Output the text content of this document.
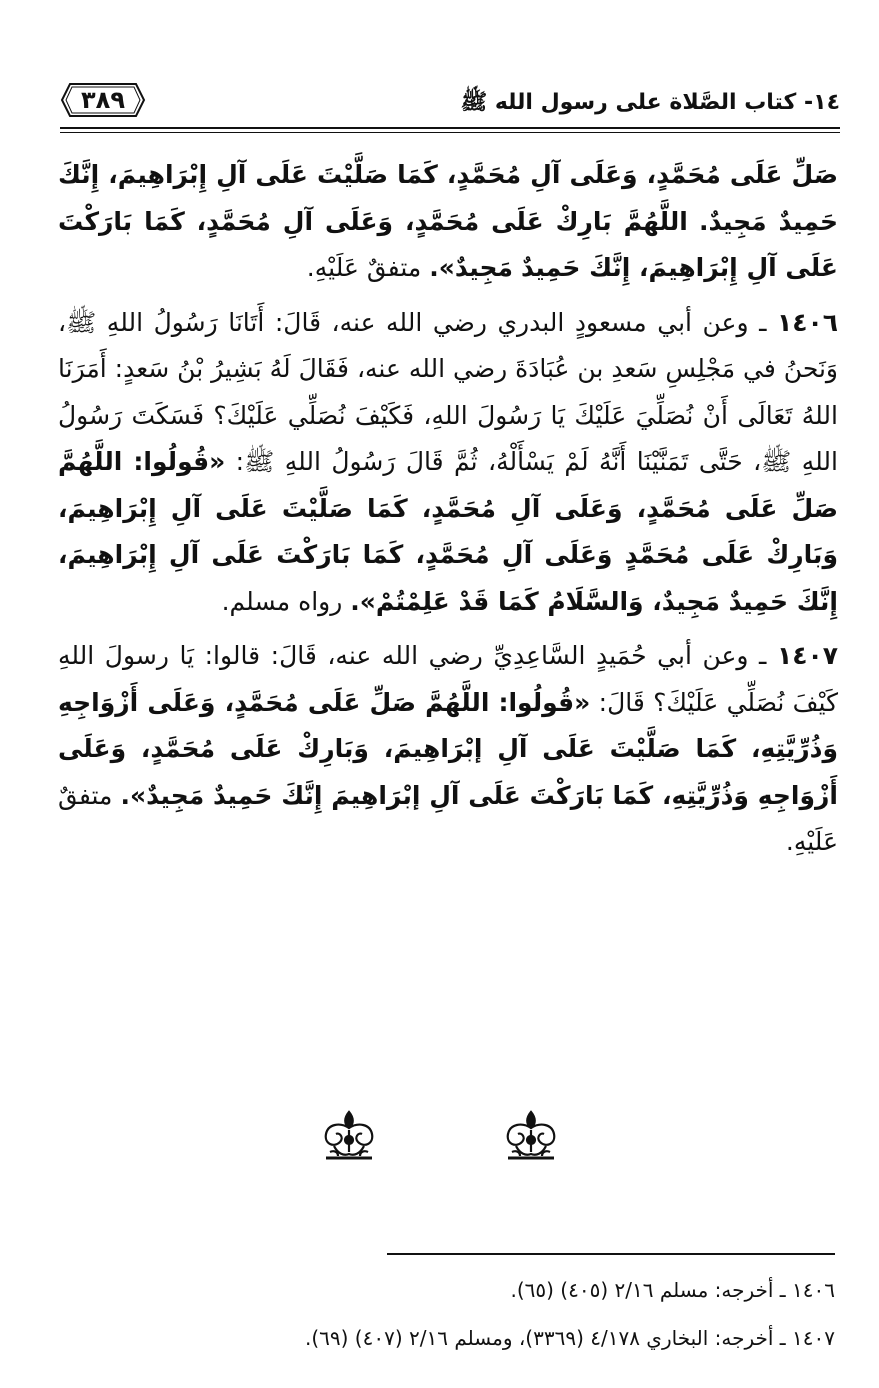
٣٨٩	١٤- كتاب الصَّلاة على رسول الله ﷺ

صَلِّ عَلَى مُحَمَّدٍ، وَعَلَى آلِ مُحَمَّدٍ، كَمَا صَلَّيْتَ عَلَى آلِ إِبْرَاهِيمَ، إِنَّكَ حَمِيدٌ مَجِيدٌ. اللَّهُمَّ بَارِكْ عَلَى مُحَمَّدٍ، وَعَلَى آلِ مُحَمَّدٍ، كَمَا بَارَكْتَ عَلَى آلِ إِبْرَاهِيمَ، إِنَّكَ حَمِيدٌ مَجِيدٌ». متفقٌ عَلَيْهِ.

١٤٠٦ ـ وعن أبي مسعودٍ البدري رضي الله عنه، قَالَ: أَتَانَا رَسُولُ اللهِ ﷺ، وَنَحنُ في مَجْلِسِ سَعدِ بن عُبَادَةَ رضي الله عنه، فَقَالَ لَهُ بَشِيرُ بْنُ سَعدٍ: أَمَرَنَا اللهُ تَعَالَى أَنْ نُصَلِّيَ عَلَيْكَ يَا رَسُولَ اللهِ، فَكَيْفَ نُصَلِّي عَلَيْكَ؟ فَسَكَتَ رَسُولُ اللهِ ﷺ، حَتَّى تَمَنَّيْنَا أَنَّهُ لَمْ يَسْأَلْهُ، ثُمَّ قَالَ رَسُولُ اللهِ ﷺ: «قُولُوا: اللَّهُمَّ صَلِّ عَلَى مُحَمَّدٍ، وَعَلَى آلِ مُحَمَّدٍ، كَمَا صَلَّيْتَ عَلَى آلِ إِبْرَاهِيمَ، وَبَارِكْ عَلَى مُحَمَّدٍ وَعَلَى آلِ مُحَمَّدٍ، كَمَا بَارَكْتَ عَلَى آلِ إِبْرَاهِيمَ، إِنَّكَ حَمِيدٌ مَجِيدٌ، وَالسَّلَامُ كَمَا قَدْ عَلِمْتُمْ». رواه مسلم.

١٤٠٧ ـ وعن أبي حُمَيدٍ السَّاعِدِيِّ رضي الله عنه، قَالَ: قالوا: يَا رسولَ اللهِ كَيْفَ نُصَلِّي عَلَيْكَ؟ قَالَ: «قُولُوا: اللَّهُمَّ صَلِّ عَلَى مُحَمَّدٍ، وَعَلَى أَزْوَاجِهِ وَذُرِّيَّتِهِ، كَمَا صَلَّيْتَ عَلَى آلِ إبْرَاهِيمَ، وَبَارِكْ عَلَى مُحَمَّدٍ، وَعَلَى أَزْوَاجِهِ وَذُرِّيَّتِهِ، كَمَا بَارَكْتَ عَلَى آلِ إبْرَاهِيمَ إِنَّكَ حَمِيدٌ مَجِيدٌ». متفقٌ عَلَيْهِ.

١٤٠٦ ـ أخرجه: مسلم ٢/١٦ (٤٠٥) (٦٥).

١٤٠٧ ـ أخرجه: البخاري ٤/١٧٨ (٣٣٦٩)، ومسلم ٢/١٦ (٤٠٧) (٦٩).
